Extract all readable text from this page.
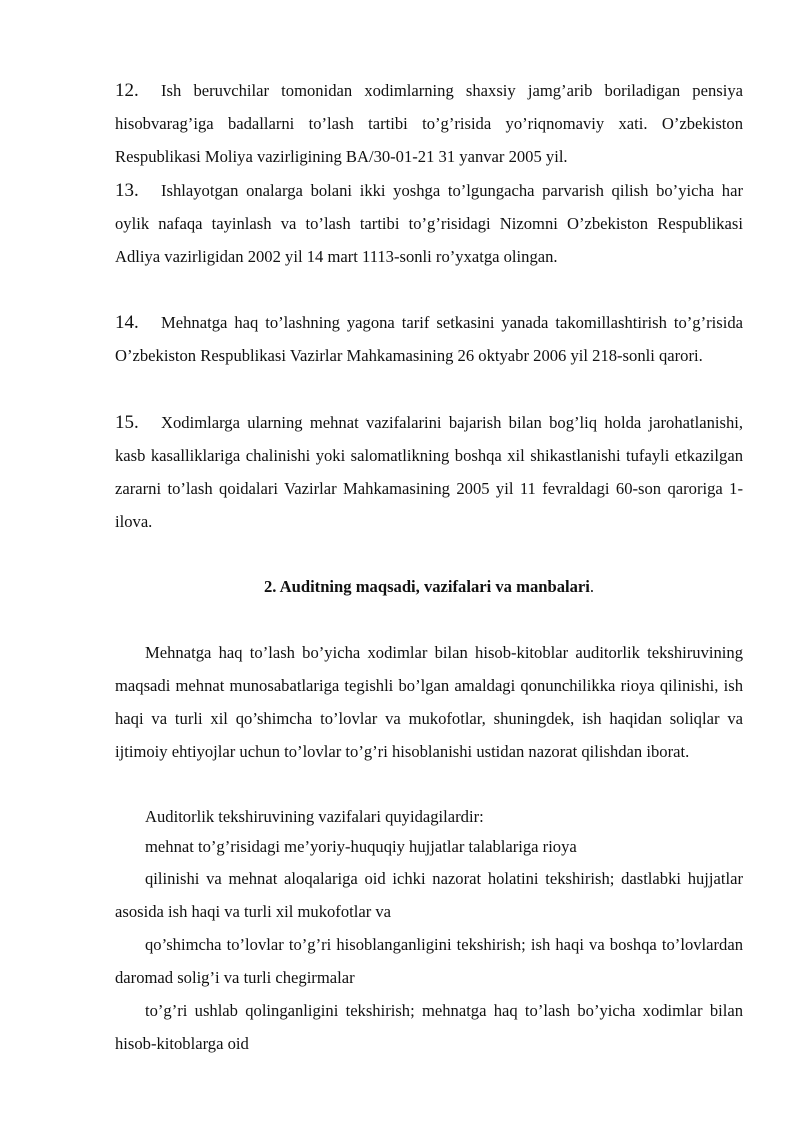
12. Ish beruvchilar tomonidan xodimlarning shaxsiy jamg’arib boriladigan pensiya hisobvarag’iga badallarni to’lash tartibi to’g’risida yo’riqnomaviy xati. O’zbekiston Respublikasi Moliya vazirligining BA/30-01-21 31 yanvar 2005 yil.

13. Ishlayotgan onalarga bolani ikki yoshga to’lgungacha parvarish qilish bo’yicha har oylik nafaqa tayinlash va to’lash tartibi to’g’risidagi Nizomni O’zbekiston Respublikasi Adliya vazirligidan 2002 yil 14 mart 1113-sonli ro’yxatga olingan.

14. Mehnatga haq to’lashning yagona tarif setkasini yanada takomillashtirish to’g’risida O’zbekiston Respublikasi Vazirlar Mahkamasining 26 oktyabr 2006 yil 218-sonli qarori.

15. Xodimlarga ularning mehnat vazifalarini bajarish bilan bog’liq holda jarohatlanishi, kasb kasalliklariga chalinishi yoki salomatlikning boshqa xil shikastlanishi tufayli etkazilgan zararni to’lash qoidalari Vazirlar Mahkamasining 2005 yil 11 fevraldagi 60-son qaroriga 1-ilova.

2. Auditning maqsadi, vazifalari va manbalari.

Mehnatga haq to’lash bo’yicha xodimlar bilan hisob-kitoblar auditorlik tekshiruvining maqsadi mehnat munosabatlariga tegishli bo’lgan amaldagi qonunchilikka rioya qilinishi, ish haqi va turli xil qo’shimcha to’lovlar va mukofotlar, shuningdek, ish haqidan soliqlar va ijtimoiy ehtiyojlar uchun to’lovlar to’g’ri hisoblanishi ustidan nazorat qilishdan iborat.

Auditorlik tekshiruvining vazifalari quyidagilardir:

mehnat to’g’risidagi me’yoriy-huquqiy hujjatlar talablariga rioya

qilinishi va mehnat aloqalariga oid ichki nazorat holatini tekshirish; dastlabki hujjatlar asosida ish haqi va turli xil mukofotlar va

qo’shimcha to’lovlar to’g’ri hisoblanganligini tekshirish; ish haqi va boshqa to’lovlardan daromad solig’i va turli chegirmalar

to’g’ri ushlab qolinganligini tekshirish; mehnatga haq to’lash bo’yicha xodimlar bilan hisob-kitoblarga oid
